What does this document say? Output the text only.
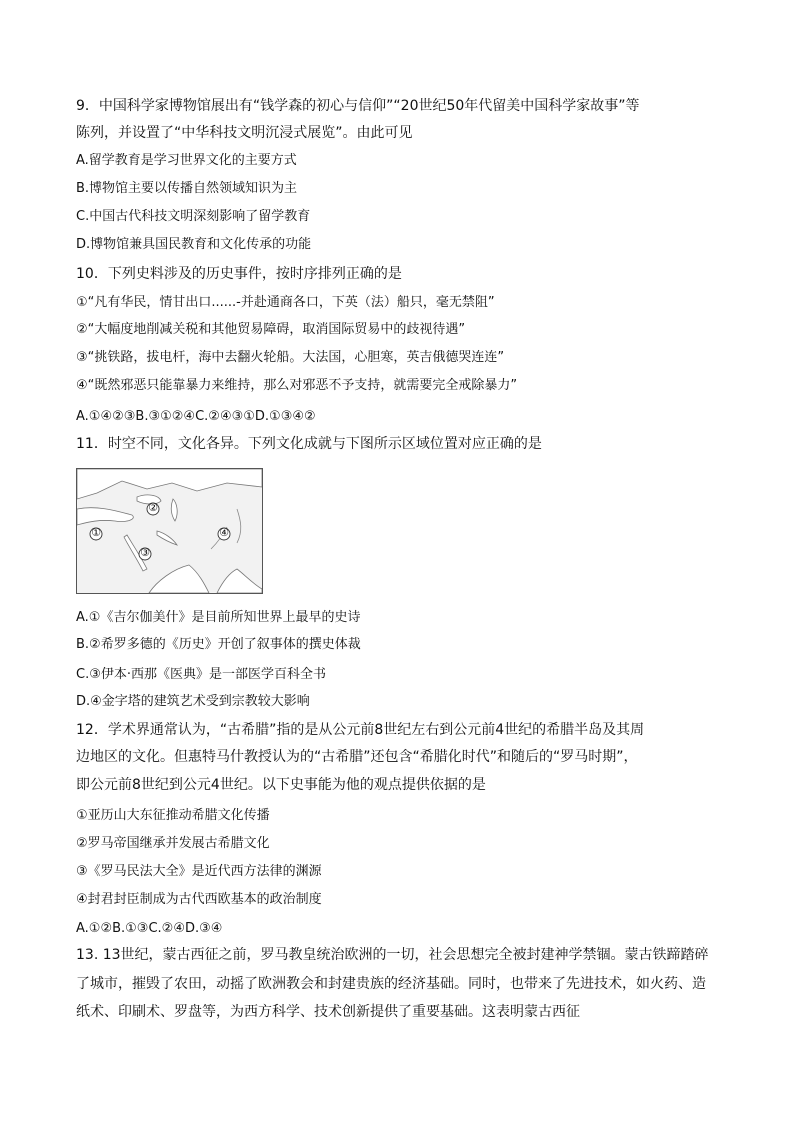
9．中国科学家博物馆展出有“钱学森的初心与信仰”“20世纪50年代留美中国科学家故事”等
陈列，并设置了“中华科技文明沉浸式展览”。由此可见
A.留学教育是学习世界文化的主要方式
B.博物馆主要以传播自然领域知识为主
C.中国古代科技文明深刻影响了留学教育
D.博物馆兼具国民教育和文化传承的功能
10．下列史料涉及的历史事件，按时序排列正确的是
①“凡有华民，情甘出口......-并赴通商各口，下英（法）船只，毫无禁阻”
②“大幅度地削减关税和其他贸易障碍，取消国际贸易中的歧视待遇”
③“挑铁路，拔电杆，海中去翻火轮船。大法国，心胆寒，英吉俄德哭连连”
④“既然邪恶只能靠暴力来维持，那么对邪恶不予支持，就需要完全戒除暴力”
A.①④②③B.③①②④C.②④③①D.①③④②
11．时空不同，文化各异。下列文化成就与下图所示区域位置对应正确的是
①
②
③
④
A.①《吉尔伽美什》是目前所知世界上最早的史诗
B.②希罗多德的《历史》开创了叙事体的撰史体裁
C.③伊本·西那《医典》是一部医学百科全书
D.④金字塔的建筑艺术受到宗教较大影响
12．学术界通常认为，“古希腊”指的是从公元前8世纪左右到公元前4世纪的希腊半岛及其周
边地区的文化。但惠特马什教授认为的“古希腊”还包含“希腊化时代”和随后的“罗马时期”，
即公元前8世纪到公元4世纪。以下史事能为他的观点提供依据的是
①亚历山大东征推动希腊文化传播
②罗马帝国继承并发展古希腊文化
③《罗马民法大全》是近代西方法律的渊源
④封君封臣制成为古代西欧基本的政治制度
A.①②B.①③C.②④D.③④
13. 13世纪，蒙古西征之前，罗马教皇统治欧洲的一切，社会思想完全被封建神学禁锢。蒙古铁蹄踏碎
了城市，摧毁了农田，动摇了欧洲教会和封建贵族的经济基础。同时，也带来了先进技术，如火药、造
纸术、印刷术、罗盘等，为西方科学、技术创新提供了重要基础。这表明蒙古西征
